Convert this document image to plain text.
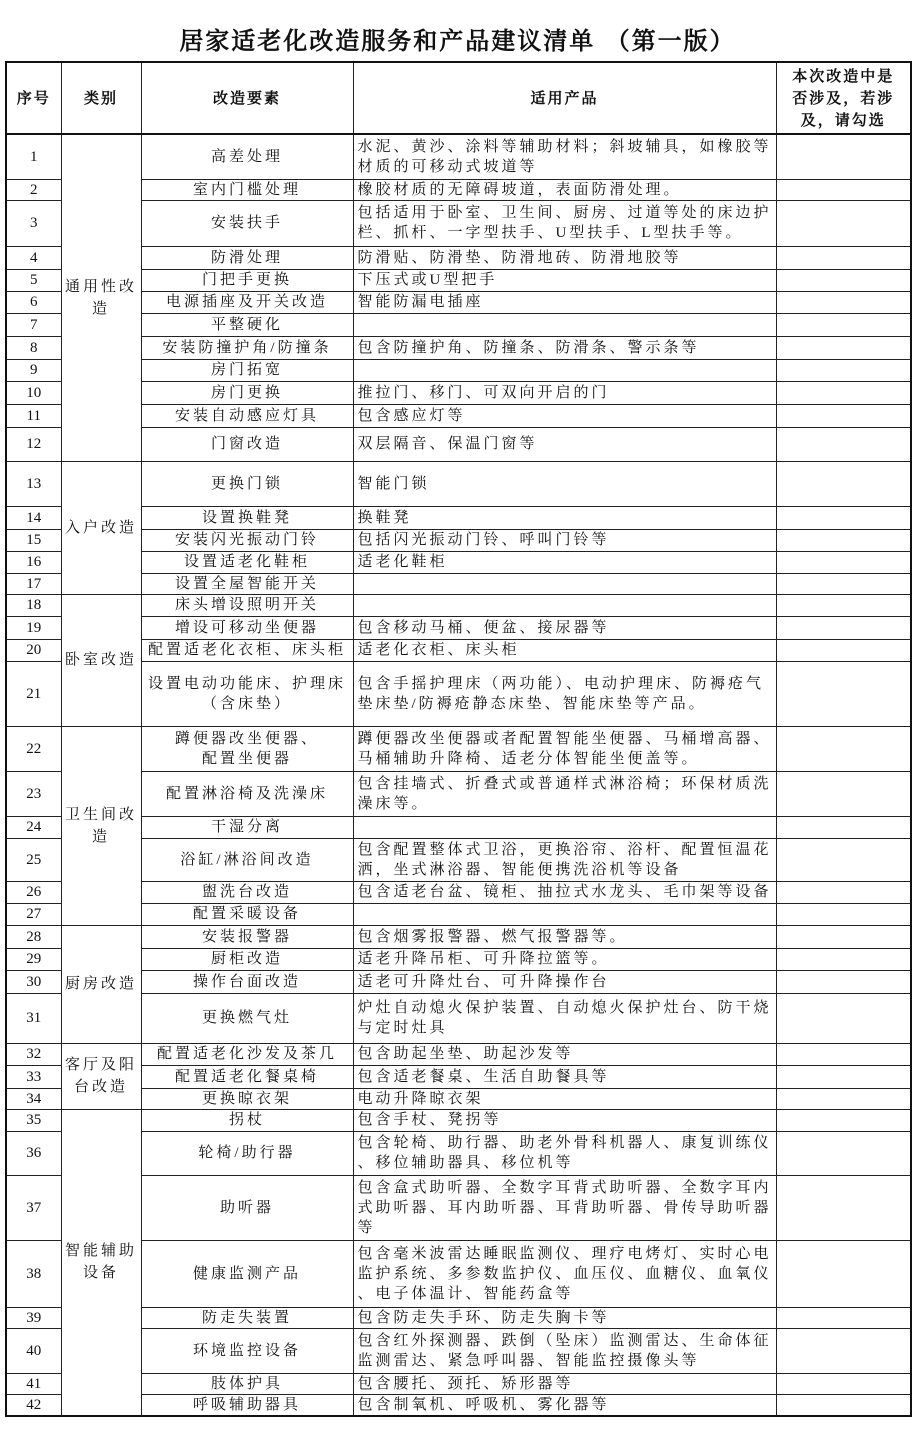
居家适老化改造服务和产品建议清单 （第一版）
序号	类别	改造要素	适用产品	本次改造中是
否涉及，若涉
及，请勾选
1	通用性改造	高差处理	水泥、黄沙、涂料等辅助材料；斜坡辅具，如橡胶等材质的可移动式坡道等	
2		室内门槛处理	橡胶材质的无障碍坡道，表面防滑处理。	
3		安装扶手	包括适用于卧室、卫生间、厨房、过道等处的床边护栏、抓杆、一字型扶手、U型扶手、L型扶手等。	
4		防滑处理	防滑贴、防滑垫、防滑地砖、防滑地胶等	
5		门把手更换	下压式或U型把手	
6		电源插座及开关改造	智能防漏电插座	
7		平整硬化		
8		安装防撞护角/防撞条	包含防撞护角、防撞条、防滑条、警示条等	
9		房门拓宽		
10		房门更换	推拉门、移门、可双向开启的门	
11		安装自动感应灯具	包含感应灯等	
12		门窗改造	双层隔音、保温门窗等	
13	入户改造	更换门锁	智能门锁	
14		设置换鞋凳	换鞋凳	
15		安装闪光振动门铃	包括闪光振动门铃、呼叫门铃等	
16		设置适老化鞋柜	适老化鞋柜	
17		设置全屋智能开关		
18	卧室改造	床头增设照明开关		
19		增设可移动坐便器	包含移动马桶、便盆、接尿器等	
20		配置适老化衣柜、床头柜	适老化衣柜、床头柜	
21		设置电动功能床、护理床（含床垫）	包含手摇护理床（两功能）、电动护理床、防褥疮气垫床垫/防褥疮静态床垫、智能床垫等产品。	
22	卫生间改造	蹲便器改坐便器、
配置坐便器	蹲便器改坐便器或者配置智能坐便器、马桶增高器、马桶辅助升降椅、适老分体智能坐便盖等。	
23		配置淋浴椅及洗澡床	包含挂墙式、折叠式或普通样式淋浴椅；环保材质洗澡床等。	
24		干湿分离		
25		浴缸/淋浴间改造	包含配置整体式卫浴，更换浴帘、浴杆、配置恒温花洒，坐式淋浴器、智能便携洗浴机等设备	
26		盥洗台改造	包含适老台盆、镜柜、抽拉式水龙头、毛巾架等设备	
27		配置采暖设备		
28	厨房改造	安装报警器	包含烟雾报警器、燃气报警器等。	
29		厨柜改造	适老升降吊柜、可升降拉篮等。	
30		操作台面改造	适老可升降灶台、可升降操作台	
31		更换燃气灶	炉灶自动熄火保护装置、自动熄火保护灶台、防干烧与定时灶具	
32	客厅及阳台改造	配置适老化沙发及茶几	包含助起坐垫、助起沙发等	
33		配置适老化餐桌椅	包含适老餐桌、生活自助餐具等	
34		更换晾衣架	电动升降晾衣架	
35	智能辅助设备	拐杖	包含手杖、凳拐等	
36		轮椅/助行器	包含轮椅、助行器、助老外骨科机器人、康复训练仪、移位辅助器具、移位机等	
37		助听器	包含盒式助听器、全数字耳背式助听器、全数字耳内式助听器、耳内助听器、耳背助听器、骨传导助听器等	
38		健康监测产品	包含毫米波雷达睡眠监测仪、理疗电烤灯、实时心电监护系统、多参数监护仪、血压仪、血糖仪、血氧仪、电子体温计、智能药盒等	
39		防走失装置	包含防走失手环、防走失胸卡等	
40		环境监控设备	包含红外探测器、跌倒（坠床）监测雷达、生命体征监测雷达、紧急呼叫器、智能监控摄像头等	
41		肢体护具	包含腰托、颈托、矫形器等	
42		呼吸辅助器具	包含制氧机、呼吸机、雾化器等	
